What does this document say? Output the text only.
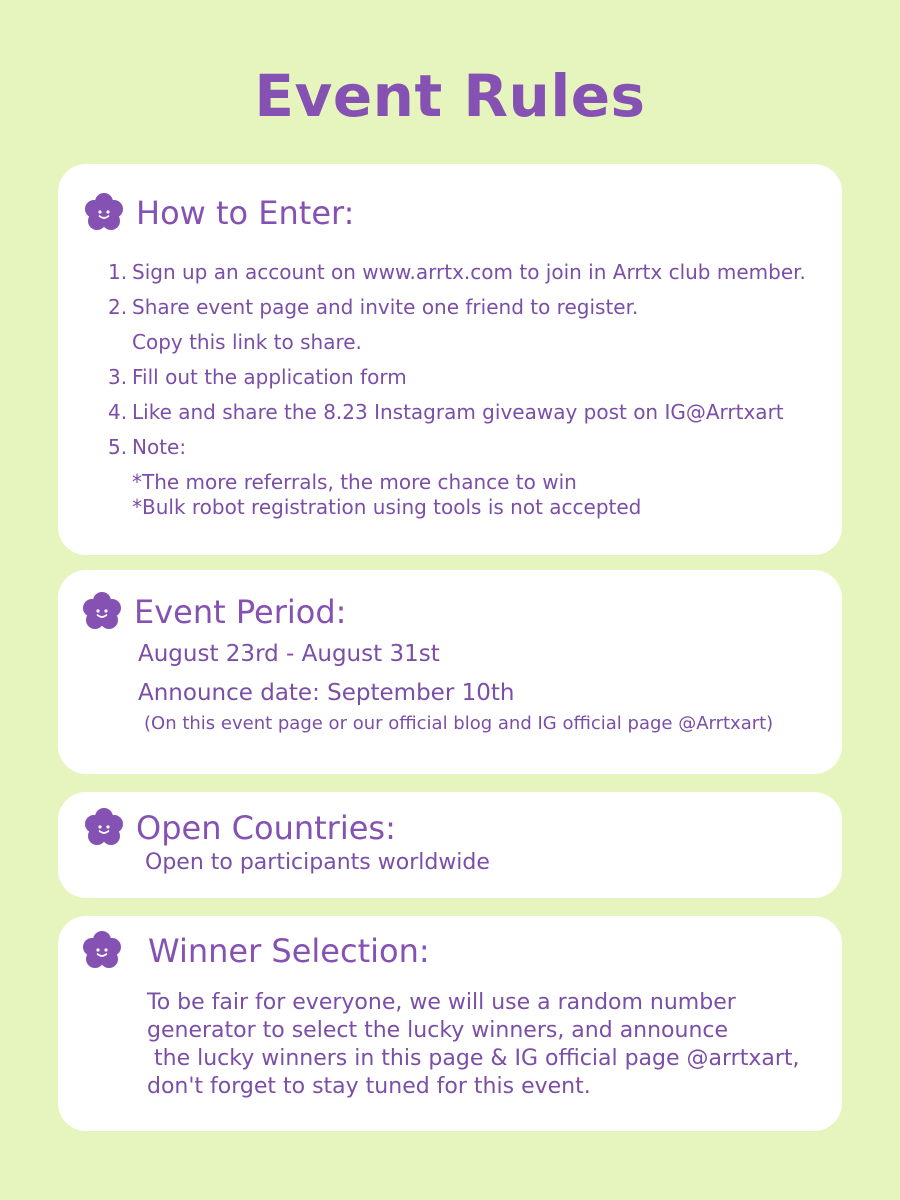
Event Rules
How to Enter:
1. Sign up an account on www.arrtx.com to join in Arrtx club member.
2. Share event page and invite one friend to register.
Copy this link to share.
3. Fill out the application form
4. Like and share the 8.23 Instagram giveaway post on IG@Arrtxart
5. Note:
*The more referrals, the more chance to win
*Bulk robot registration using tools is not accepted
Event Period:
August 23rd - August 31st
Announce date: September 10th
(On this event page or our official blog and IG official page @Arrtxart)
Open Countries:
Open to participants worldwide
Winner Selection:
To be fair for everyone, we will use a random number
generator to select the lucky winners, and announce
the lucky winners in this page & IG official page @arrtxart,
don't forget to stay tuned for this event.
